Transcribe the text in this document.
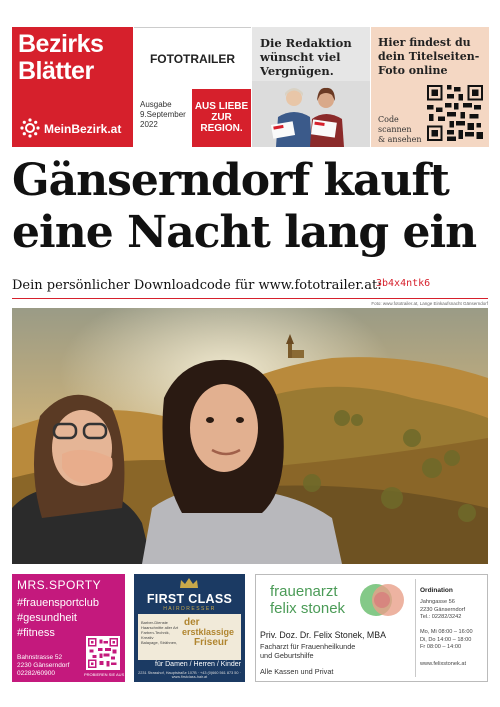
Bezirks
Blätter
MeinBezirk.at
FOTOTRAILER
Ausgabe
9.September
2022
AUS LIEBE
ZUR
REGION.
Die Redaktion
wünscht viel
Vergnügen.
Hier findest du
dein Titelseiten-
Foto online
Code
scannen
& ansehen
Gänserndorf kauft
eine Nacht lang ein
Dein persönlicher Downloadcode für www.fototrailer.at:
3b4x4ntk6
Foto: www.fototrailer.at, Lange Einkaufsnacht Gänserndorf
MRS.SPORTY
#frauensportclub
#gesundheit
#fitness
Bahnstrasse 52
2230 Gänserndorf
02282/60900	PROBIEREN SIE AUS
FIRST CLASS
HAIRDRESSER
Barber-Dienste
Haarschnitte aller Art
Farben-Technik, Kreativ
Balayage, Strähnen,
der
erstklassige
Friseur
für Damen / Herren / Kinder
2231 Strasshof, Hauptstraße 107B · +43 (0)660 561 873 50 · www.firstclass-hair.at
frauenarzt
felix stonek
Priv. Doz. Dr. Felix Stonek, MBA
Facharzt für Frauenheilkunde
und Geburtshilfe
Alle Kassen und Privat
Ordination
Jahngasse 56
2230 Gänserndorf
Tel.: 02282/3242
Mo, Mi 08:00 – 16:00
Di, Do 14:00 – 18:00
Fr 08:00 – 14:00
www.felixstonek.at
